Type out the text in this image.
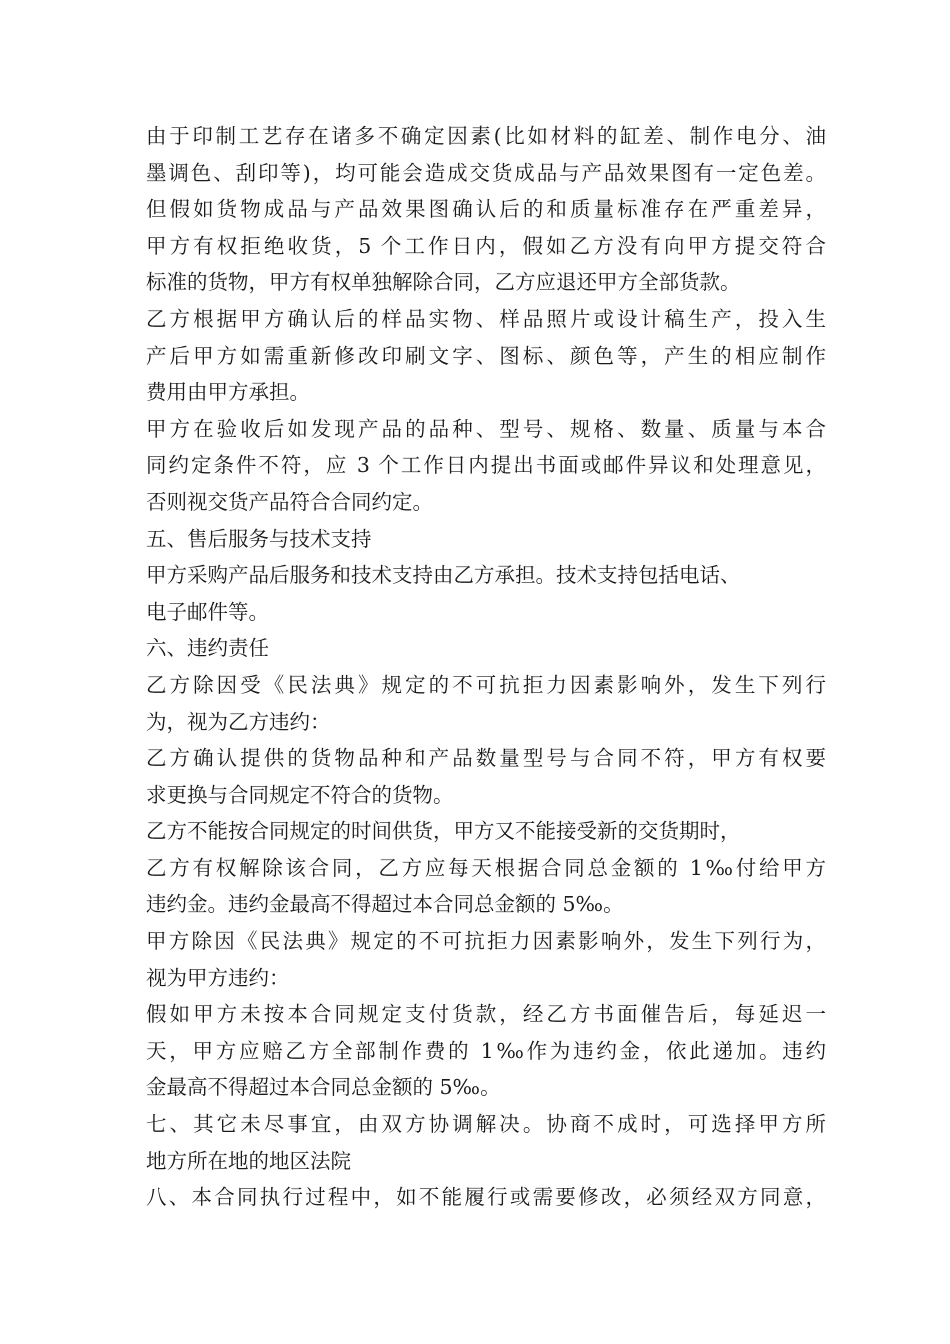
由于印制工艺存在诸多不确定因素(比如材料的缸差、制作电分、油
墨调色、刮印等)，均可能会造成交货成品与产品效果图有一定色差。
但假如货物成品与产品效果图确认后的和质量标准存在严重差异，
甲方有权拒绝收货，5 个工作日内，假如乙方没有向甲方提交符合
标准的货物，甲方有权单独解除合同，乙方应退还甲方全部货款。
乙方根据甲方确认后的样品实物、样品照片或设计稿生产，投入生
产后甲方如需重新修改印刷文字、图标、颜色等，产生的相应制作
费用由甲方承担。
甲方在验收后如发现产品的品种、型号、规格、数量、质量与本合
同约定条件不符，应 3 个工作日内提出书面或邮件异议和处理意见，
否则视交货产品符合合同约定。
五、售后服务与技术支持
甲方采购产品后服务和技术支持由乙方承担。技术支持包括电话、
电子邮件等。
六、违约责任
乙方除因受《民法典》规定的不可抗拒力因素影响外，发生下列行
为，视为乙方违约：
乙方确认提供的货物品种和产品数量型号与合同不符，甲方有权要
求更换与合同规定不符合的货物。
乙方不能按合同规定的时间供货，甲方又不能接受新的交货期时，
乙方有权解除该合同，乙方应每天根据合同总金额的 1‰付给甲方
违约金。违约金最高不得超过本合同总金额的 5‰。
甲方除因《民法典》规定的不可抗拒力因素影响外，发生下列行为，
视为甲方违约：
假如甲方未按本合同规定支付货款，经乙方书面催告后，每延迟一
天，甲方应赔乙方全部制作费的 1‰作为违约金，依此递加。违约
金最高不得超过本合同总金额的 5‰。
七、其它未尽事宜，由双方协调解决。协商不成时，可选择甲方所
地方所在地的地区法院
八、本合同执行过程中，如不能履行或需要修改，必须经双方同意，
